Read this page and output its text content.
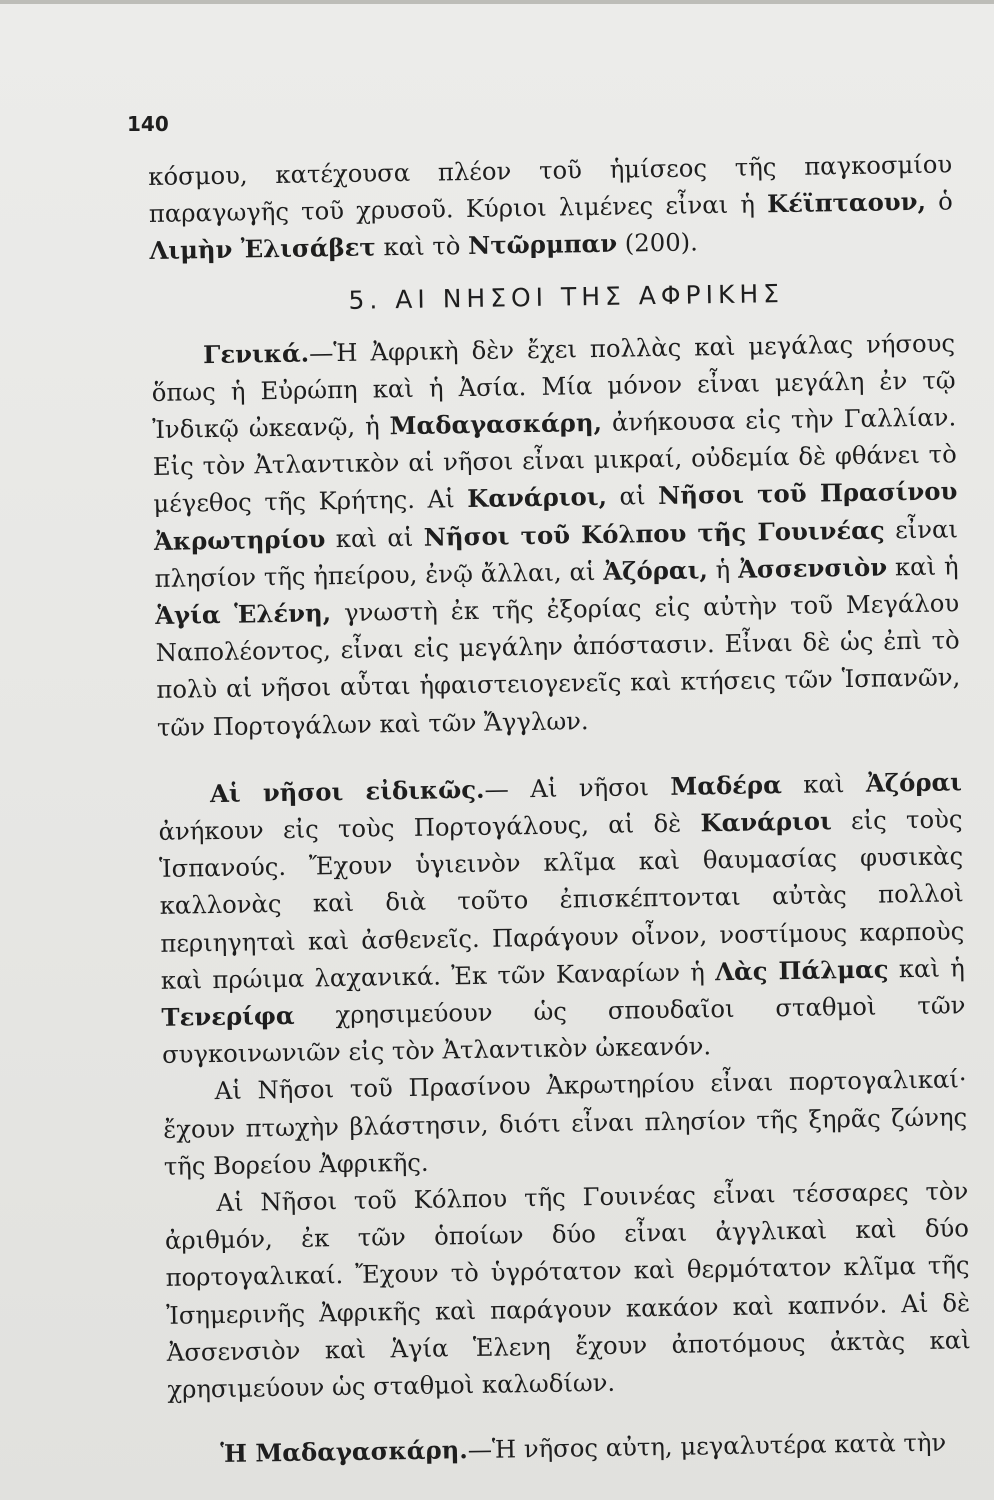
140

κόσμου, κατέχουσα πλέον τοῦ ἡμίσεος τῆς παγκοσμίου παραγωγῆς τοῦ χρυσοῦ. Κύριοι λιμένες εἶναι ἡ Κέϊπταουν, ὁ Λιμὴν Ἐλισάβετ καὶ τὸ Ντῶρμπαν (200).

5. ΑΙ ΝΗΣΟΙ ΤΗΣ ΑΦΡΙΚΗΣ

Γενικά.—Ἡ Ἀφρικὴ δὲν ἔχει πολλὰς καὶ μεγάλας νήσους ὅπως ἡ Εὐρώπη καὶ ἡ Ἀσία. Μία μόνον εἶναι μεγάλη ἐν τῷ Ἰνδικῷ ὠκεανῷ, ἡ Μαδαγασκάρη, ἀνήκουσα εἰς τὴν Γαλλίαν. Εἰς τὸν Ἀτλαντικὸν αἱ νῆσοι εἶναι μικραί, οὐδεμία δὲ φθάνει τὸ μέγεθος τῆς Κρήτης. Αἱ Κανάριοι, αἱ Νῆσοι τοῦ Πρασίνου Ἀκρωτηρίου καὶ αἱ Νῆσοι τοῦ Κόλπου τῆς Γουινέας εἶναι πλησίον τῆς ἠπείρου, ἐνῷ ἄλλαι, αἱ Ἀζόραι, ἡ Ἀσσενσιὸν καὶ ἡ Ἁγία Ἑλένη, γνωστὴ ἐκ τῆς ἐξορίας εἰς αὐτὴν τοῦ Μεγάλου Ναπολέοντος, εἶναι εἰς μεγάλην ἀπόστασιν. Εἶναι δὲ ὡς ἐπὶ τὸ πολὺ αἱ νῆσοι αὗται ἡφαιστειογενεῖς καὶ κτήσεις τῶν Ἱσπανῶν, τῶν Πορτογάλων καὶ τῶν Ἄγγλων.

Αἱ νῆσοι εἰδικῶς.— Αἱ νῆσοι Μαδέρα καὶ Ἀζόραι ἀνήκουν εἰς τοὺς Πορτογάλους, αἱ δὲ Κανάριοι εἰς τοὺς Ἱσπανούς. Ἔχουν ὑγιεινὸν κλῖμα καὶ θαυμασίας φυσικὰς καλλονὰς καὶ διὰ τοῦτο ἐπισκέπτονται αὐτὰς πολλοὶ περιηγηταὶ καὶ ἀσθενεῖς. Παράγουν οἶνον, νοστίμους καρποὺς καὶ πρώιμα λαχανικά. Ἐκ τῶν Καναρίων ἡ Λὰς Πάλμας καὶ ἡ Τενερίφα χρησιμεύουν ὡς σπουδαῖοι σταθμοὶ τῶν συγκοινωνιῶν εἰς τὸν Ἀτλαντικὸν ὠκεανόν.

Αἱ Νῆσοι τοῦ Πρασίνου Ἀκρωτηρίου εἶναι πορτογαλικαί· ἔχουν πτωχὴν βλάστησιν, διότι εἶναι πλησίον τῆς ξηρᾶς ζώνης τῆς Βορείου Ἀφρικῆς.

Αἱ Νῆσοι τοῦ Κόλπου τῆς Γουινέας εἶναι τέσσαρες τὸν ἀριθμόν, ἐκ τῶν ὁποίων δύο εἶναι ἀγγλικαὶ καὶ δύο πορτογαλικαί. Ἔχουν τὸ ὑγρότατον καὶ θερμότατον κλῖμα τῆς Ἰσημερινῆς Ἀφρικῆς καὶ παράγουν κακάον καὶ καπνόν. Αἱ δὲ Ἀσσενσιὸν καὶ Ἁγία Ἑλενη ἔχουν ἀποτόμους ἀκτὰς καὶ χρησιμεύουν ὡς σταθμοὶ καλωδίων.

Ἡ Μαδαγασκάρη.—Ἡ νῆσος αὐτη, μεγαλυτέρα κατὰ τὴν
